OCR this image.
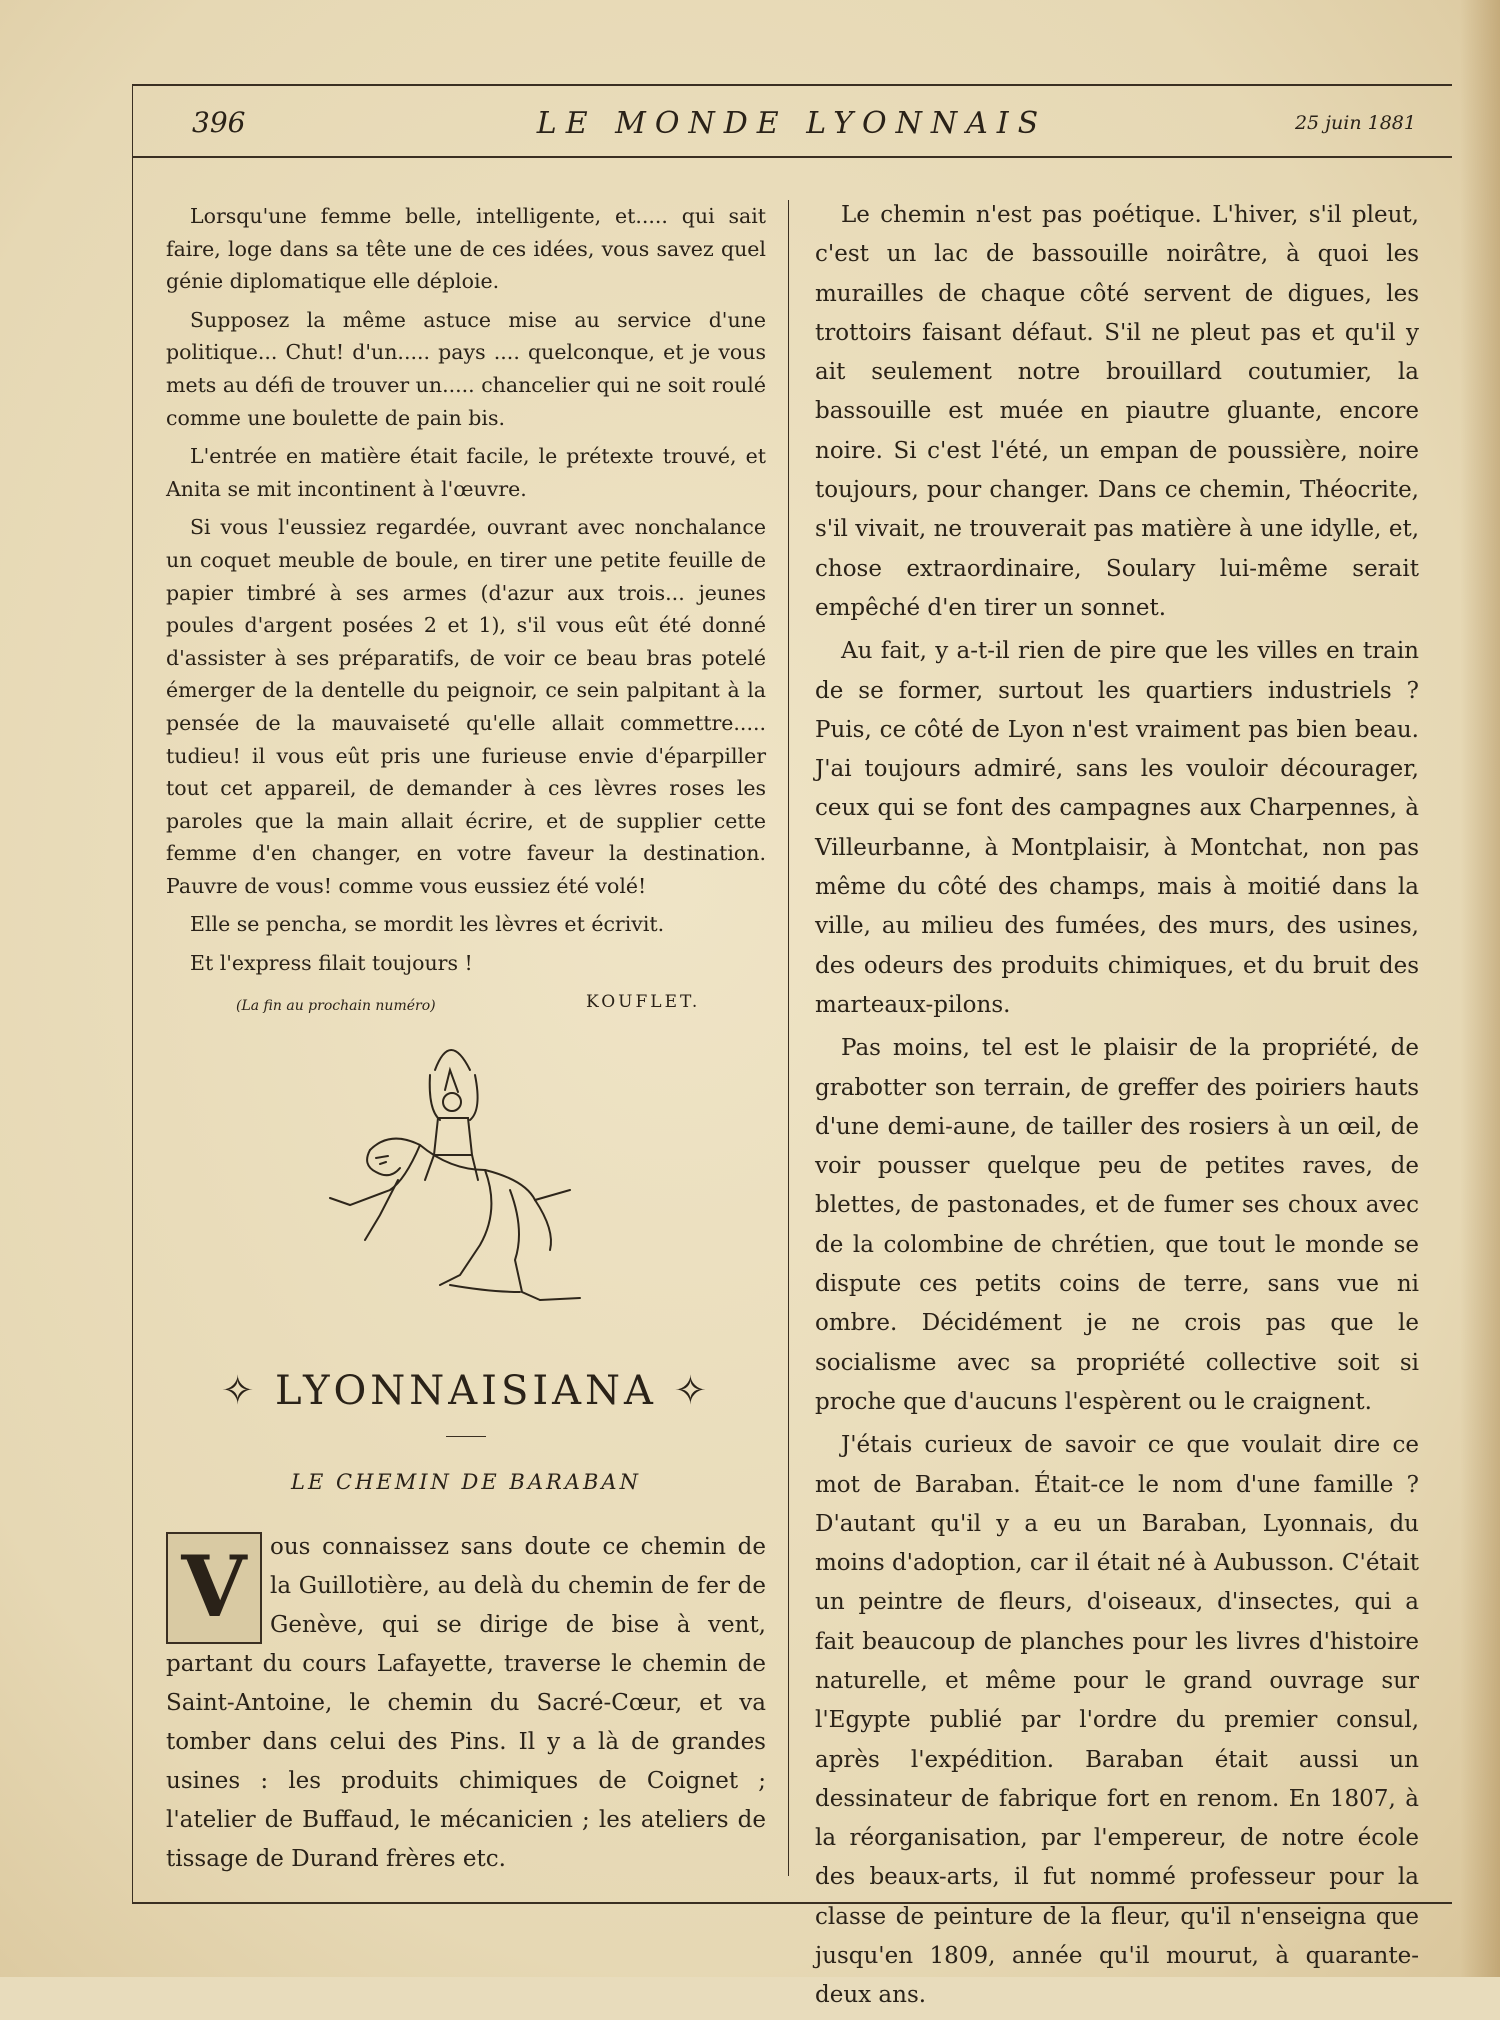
396	LE MONDE LYONNAIS	25 juin 1881

Lorsqu'une femme belle, intelligente, et..... qui sait faire, loge dans sa tête une de ces idées, vous savez quel génie diplomatique elle déploie.

Supposez la même astuce mise au service d'une politique... Chut! d'un..... pays .... quelconque, et je vous mets au défi de trouver un..... chancelier qui ne soit roulé comme une boulette de pain bis.

L'entrée en matière était facile, le prétexte trouvé, et Anita se mit incontinent à l'œuvre.

Si vous l'eussiez regardée, ouvrant avec nonchalance un coquet meuble de boule, en tirer une petite feuille de papier timbré à ses armes (d'azur aux trois... jeunes poules d'argent posées 2 et 1), s'il vous eût été donné d'assister à ses préparatifs, de voir ce beau bras potelé émerger de la dentelle du peignoir, ce sein palpitant à la pensée de la mauvaiseté qu'elle allait commettre..... tudieu! il vous eût pris une furieuse envie d'éparpiller tout cet appareil, de demander à ces lèvres roses les paroles que la main allait écrire, et de supplier cette femme d'en changer, en votre faveur la destination. Pauvre de vous! comme vous eussiez été volé!

Elle se pencha, se mordit les lèvres et écrivit.

Et l'express filait toujours !

(La fin au prochain numéro)	KOUFLET.
✧ LYONNAISIANA ✧
LE CHEMIN DE BARABAN
V	ous connaissez sans doute ce chemin de la Guillotière, au delà du chemin de fer de Genève, qui se dirige de bise à vent, partant du cours Lafayette, traverse le chemin de Saint-Antoine, le chemin du Sacré-Cœur, et va tomber dans celui des Pins. Il y a là de grandes usines : les produits chimiques de Coignet ; l'atelier de Buffaud, le mécanicien ; les ateliers de tissage de Durand frères etc.

Le chemin n'est pas poétique. L'hiver, s'il pleut, c'est un lac de bassouille noirâtre, à quoi les murailles de chaque côté servent de digues, les trottoirs faisant défaut. S'il ne pleut pas et qu'il y ait seulement notre brouillard coutumier, la bassouille est muée en piautre gluante, encore noire. Si c'est l'été, un empan de poussière, noire toujours, pour changer. Dans ce chemin, Théocrite, s'il vivait, ne trouverait pas matière à une idylle, et, chose extraordinaire, Soulary lui-même serait empêché d'en tirer un sonnet.

Au fait, y a-t-il rien de pire que les villes en train de se former, surtout les quartiers industriels ? Puis, ce côté de Lyon n'est vraiment pas bien beau. J'ai toujours admiré, sans les vouloir décourager, ceux qui se font des campagnes aux Charpennes, à Villeurbanne, à Montplaisir, à Montchat, non pas même du côté des champs, mais à moitié dans la ville, au milieu des fumées, des murs, des usines, des odeurs des produits chimiques, et du bruit des marteaux-pilons.

Pas moins, tel est le plaisir de la propriété, de grabotter son terrain, de greffer des poiriers hauts d'une demi-aune, de tailler des rosiers à un œil, de voir pousser quelque peu de petites raves, de blettes, de pastonades, et de fumer ses choux avec de la colombine de chrétien, que tout le monde se dispute ces petits coins de terre, sans vue ni ombre. Décidément je ne crois pas que le socialisme avec sa propriété collective soit si proche que d'aucuns l'espèrent ou le craignent.

J'étais curieux de savoir ce que voulait dire ce mot de Baraban. Était-ce le nom d'une famille ? D'autant qu'il y a eu un Baraban, Lyonnais, du moins d'adoption, car il était né à Aubusson. C'était un peintre de fleurs, d'oiseaux, d'insectes, qui a fait beaucoup de planches pour les livres d'histoire naturelle, et même pour le grand ouvrage sur l'Egypte publié par l'ordre du premier consul, après l'expédition. Baraban était aussi un dessinateur de fabrique fort en renom. En 1807, à la réorganisation, par l'empereur, de notre école des beaux-arts, il fut nommé professeur pour la classe de peinture de la fleur, qu'il n'enseigna que jusqu'en 1809, année qu'il mourut, à quarante-deux ans.
